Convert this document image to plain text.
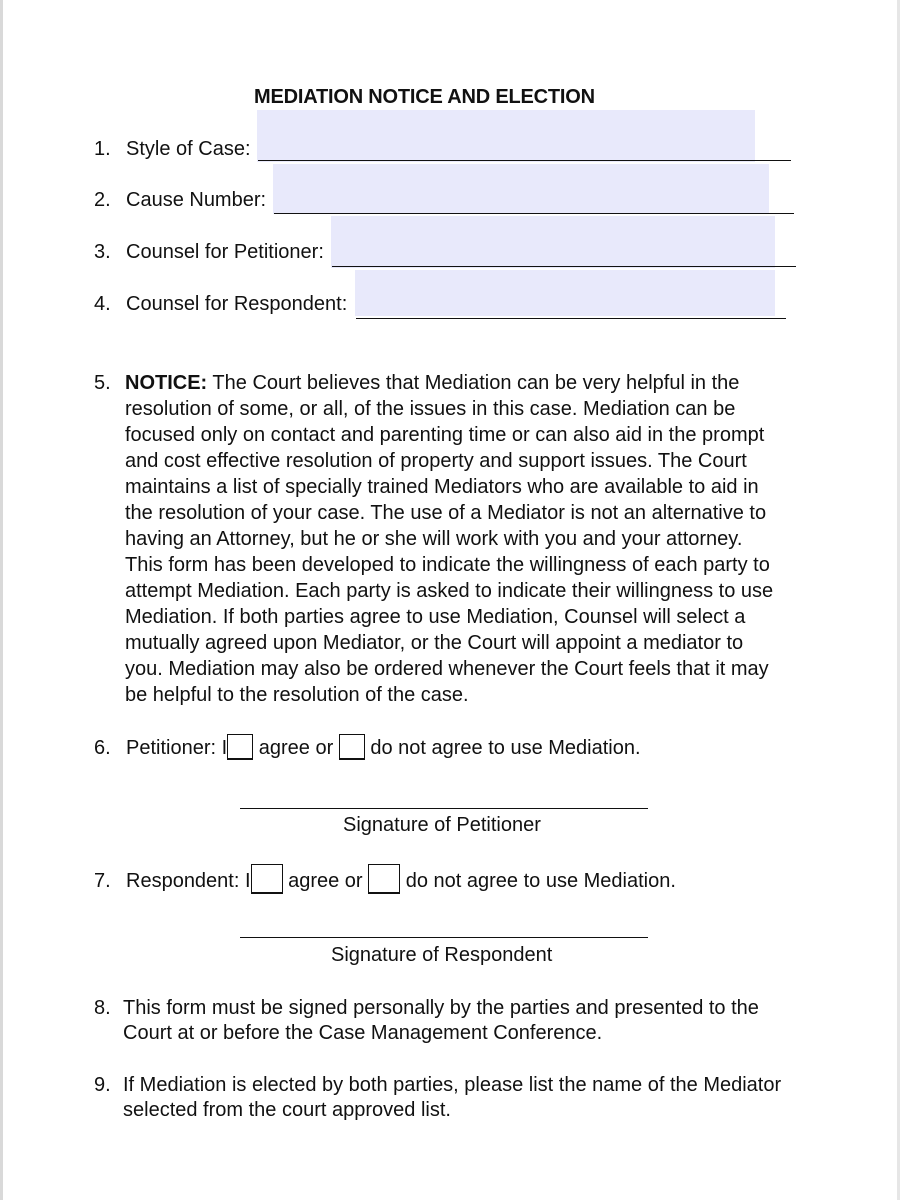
MEDIATION NOTICE AND ELECTION
1. Style of Case:
2. Cause Number:
3. Counsel for Petitioner:
4. Counsel for Respondent:
5. NOTICE: The Court believes that Mediation can be very helpful in the
resolution of some, or all, of the issues in this case. Mediation can be
focused only on contact and parenting time or can also aid in the prompt
and cost effective resolution of property and support issues. The Court
maintains a list of specially trained Mediators who are available to aid in
the resolution of your case. The use of a Mediator is not an alternative to
having an Attorney, but he or she will work with you and your attorney.
This form has been developed to indicate the willingness of each party to
attempt Mediation. Each party is asked to indicate their willingness to use
Mediation. If both parties agree to use Mediation, Counsel will select a
mutually agreed upon Mediator, or the Court will appoint a mediator to
you. Mediation may also be ordered whenever the Court feels that it may
be helpful to the resolution of the case.
6. Petitioner: I agree or do not agree to use Mediation.
Signature of Petitioner
7. Respondent: I agree or do not agree to use Mediation.
Signature of Respondent
8. This form must be signed personally by the parties and presented to the
Court at or before the Case Management Conference.
9. If Mediation is elected by both parties, please list the name of the Mediator
selected from the court approved list.
